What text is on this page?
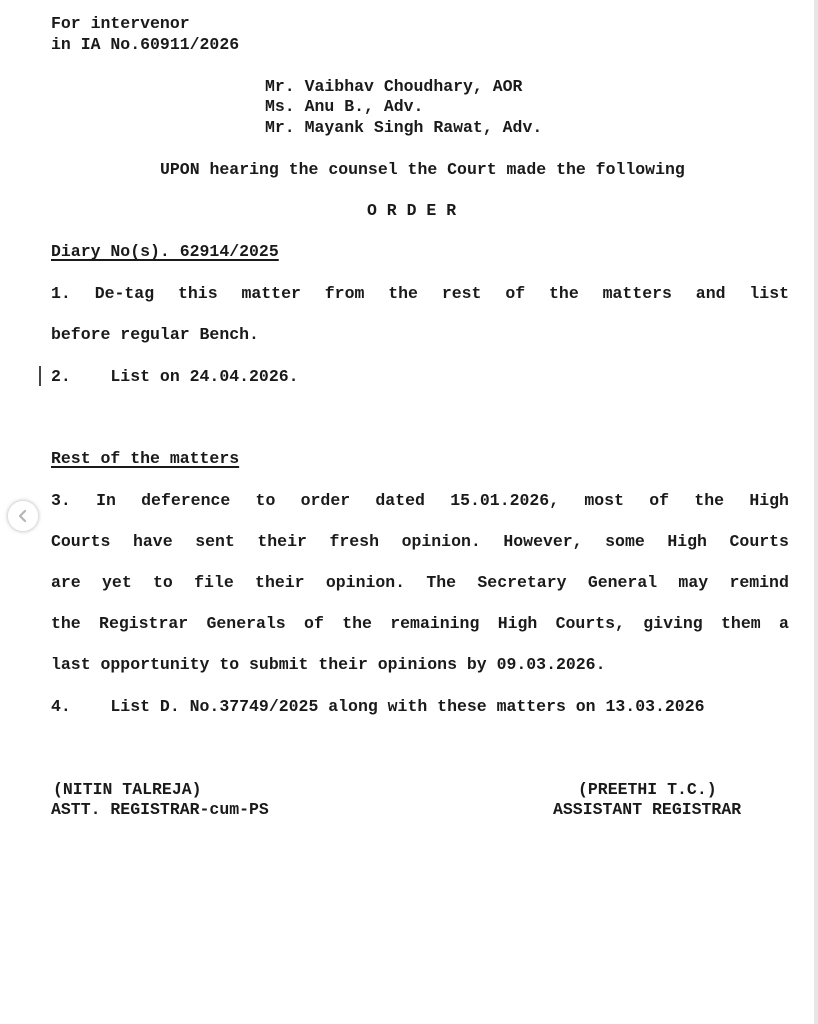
For intervenor
in IA No.60911/2026
Mr. Vaibhav Choudhary, AOR
Ms. Anu B., Adv.
Mr. Mayank Singh Rawat, Adv.
UPON hearing the counsel the Court made the following
O R D E R
Diary No(s). 62914/2025
1. De-tag this matter from the rest of the matters and list
before regular Bench.
2.    List on 24.04.2026.
Rest of the matters
3. In deference to order dated 15.01.2026, most of the High
Courts have sent their fresh opinion. However, some High Courts
are yet to file their opinion. The Secretary General may remind
the Registrar Generals of the remaining High Courts, giving them a
last opportunity to submit their opinions by 09.03.2026.
4.    List D. No.37749/2025 along with these matters on 13.03.2026
(NITIN TALREJA)
ASTT. REGISTRAR-cum-PS
(PREETHI T.C.)
ASSISTANT REGISTRAR
